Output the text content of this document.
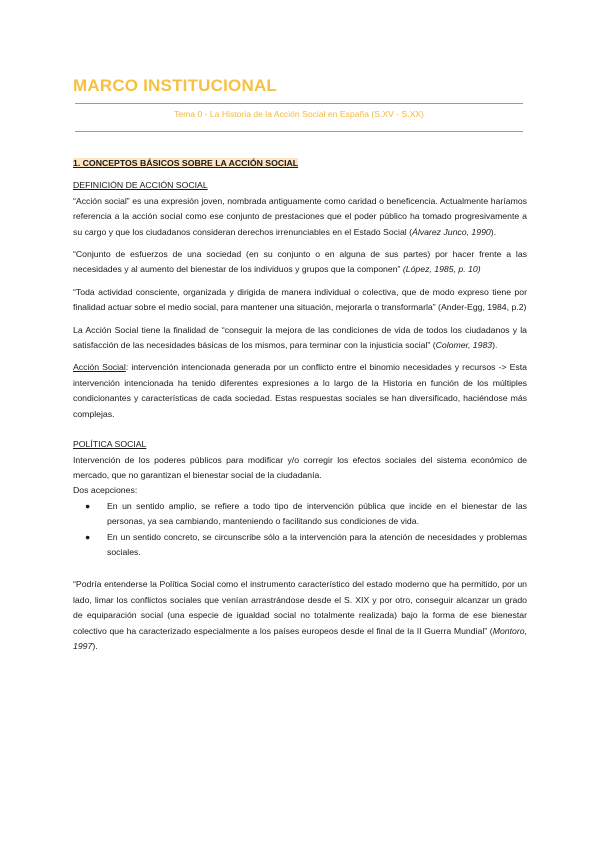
MARCO INSTITUCIONAL
Tema 0 - La Historia de la Acción Social en España (S.XV - S.XX)

1. CONCEPTOS BÁSICOS SOBRE LA ACCIÓN SOCIAL

DEFINICIÓN DE ACCIÓN SOCIAL

“Acción social” es una expresión joven, nombrada antiguamente como caridad o beneficencia. Actualmente haríamos referencia a la acción social como ese conjunto de prestaciones que el poder público ha tomado progresivamente a su cargo y que los ciudadanos consideran derechos irrenunciables en el Estado Social (Álvarez Junco, 1990).

“Conjunto de esfuerzos de una sociedad (en su conjunto o en alguna de sus partes) por hacer frente a las necesidades y al aumento del bienestar de los individuos y grupos que la componen” (López, 1985, p. 10)

“Toda actividad consciente, organizada y dirigida de manera individual o colectiva, que de modo expreso tiene por finalidad actuar sobre el medio social, para mantener una situación, mejorarla o transformarla” (Ander-Egg, 1984, p.2)

La Acción Social tiene la finalidad de “conseguir la mejora de las condiciones de vida de todos los ciudadanos y la satisfacción de las necesidades básicas de los mismos, para terminar con la injusticia social” (Colomer, 1983).

Acción Social: intervención intencionada generada por un conflicto entre el binomio necesidades y recursos -> Esta intervención intencionada ha tenido diferentes expresiones a lo largo de la Historia en función de los múltiples condicionantes y características de cada sociedad. Estas respuestas sociales se han diversificado, haciéndose más complejas.

POLÍTICA SOCIAL

Intervención de los poderes públicos para modificar y/o corregir los efectos sociales del sistema económico de mercado, que no garantizan el bienestar social de la ciudadanía.

Dos acepciones:

● En un sentido amplio, se refiere a todo tipo de intervención pública que incide en el bienestar de las personas, ya sea cambiando, manteniendo o facilitando sus condiciones de vida.
● En un sentido concreto, se circunscribe sólo a la intervención para la atención de necesidades y problemas sociales.

“Podría entenderse la Política Social como el instrumento característico del estado moderno que ha permitido, por un lado, limar los conflictos sociales que venían arrastrándose desde el S. XIX y por otro, conseguir alcanzar un grado de equiparación social (una especie de igualdad social no totalmente realizada) bajo la forma de ese bienestar colectivo que ha caracterizado especialmente a los países europeos desde el final de la II Guerra Mundial” (Montoro, 1997).
